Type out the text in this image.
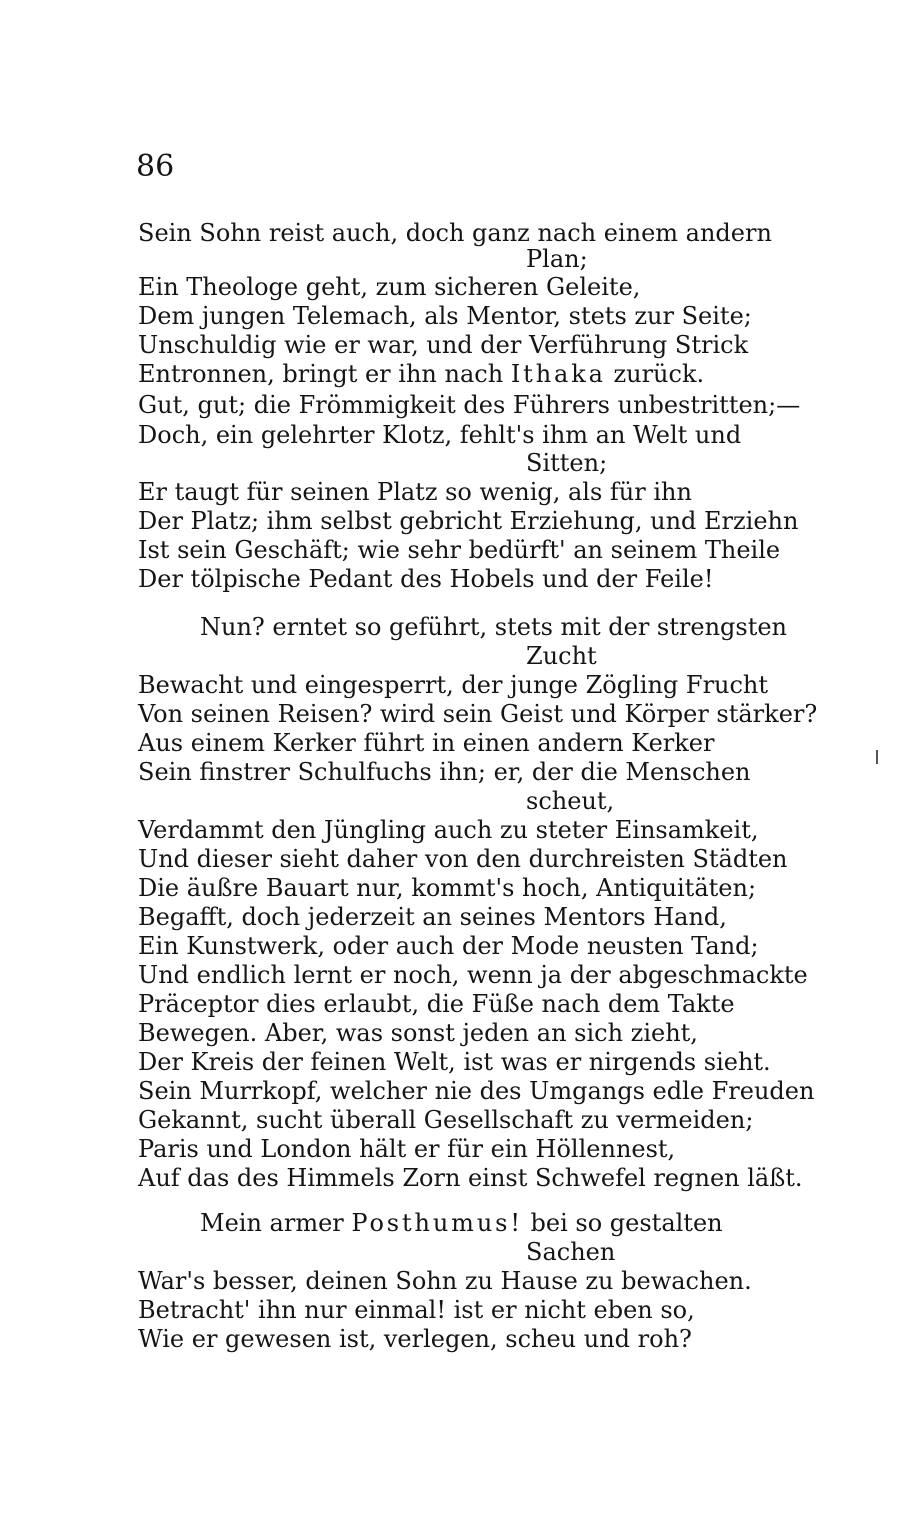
86
Sein Sohn reist auch, doch ganz nach einem andern
Plan;
Ein Theologe geht, zum sicheren Geleite,
Dem jungen Telemach, als Mentor, stets zur Seite;
Unschuldig wie er war, und der Verführung Strick
Entronnen, bringt er ihn nach Ithaka zurück.
Gut, gut; die Frömmigkeit des Führers unbestritten;—
Doch, ein gelehrter Klotz, fehlt's ihm an Welt und
Sitten;
Er taugt für seinen Platz so wenig, als für ihn
Der Platz; ihm selbst gebricht Erziehung, und Erziehn
Ist sein Geschäft; wie sehr bedürft' an seinem Theile
Der tölpische Pedant des Hobels und der Feile!
Nun? erntet so geführt, stets mit der strengsten
Zucht
Bewacht und eingesperrt, der junge Zögling Frucht
Von seinen Reisen? wird sein Geist und Körper stärker?
Aus einem Kerker führt in einen andern Kerker
Sein finstrer Schulfuchs ihn; er, der die Menschen
scheut,
Verdammt den Jüngling auch zu steter Einsamkeit,
Und dieser sieht daher von den durchreisten Städten
Die äußre Bauart nur, kommt's hoch, Antiquitäten;
Begafft, doch jederzeit an seines Mentors Hand,
Ein Kunstwerk, oder auch der Mode neusten Tand;
Und endlich lernt er noch, wenn ja der abgeschmackte
Präceptor dies erlaubt, die Füße nach dem Takte
Bewegen. Aber, was sonst jeden an sich zieht,
Der Kreis der feinen Welt, ist was er nirgends sieht.
Sein Murrkopf, welcher nie des Umgangs edle Freuden
Gekannt, sucht überall Gesellschaft zu vermeiden;
Paris und London hält er für ein Höllennest,
Auf das des Himmels Zorn einst Schwefel regnen läßt.
Mein armer Posthumus! bei so gestalten
Sachen
War's besser, deinen Sohn zu Hause zu bewachen.
Betracht' ihn nur einmal! ist er nicht eben so,
Wie er gewesen ist, verlegen, scheu und roh?
